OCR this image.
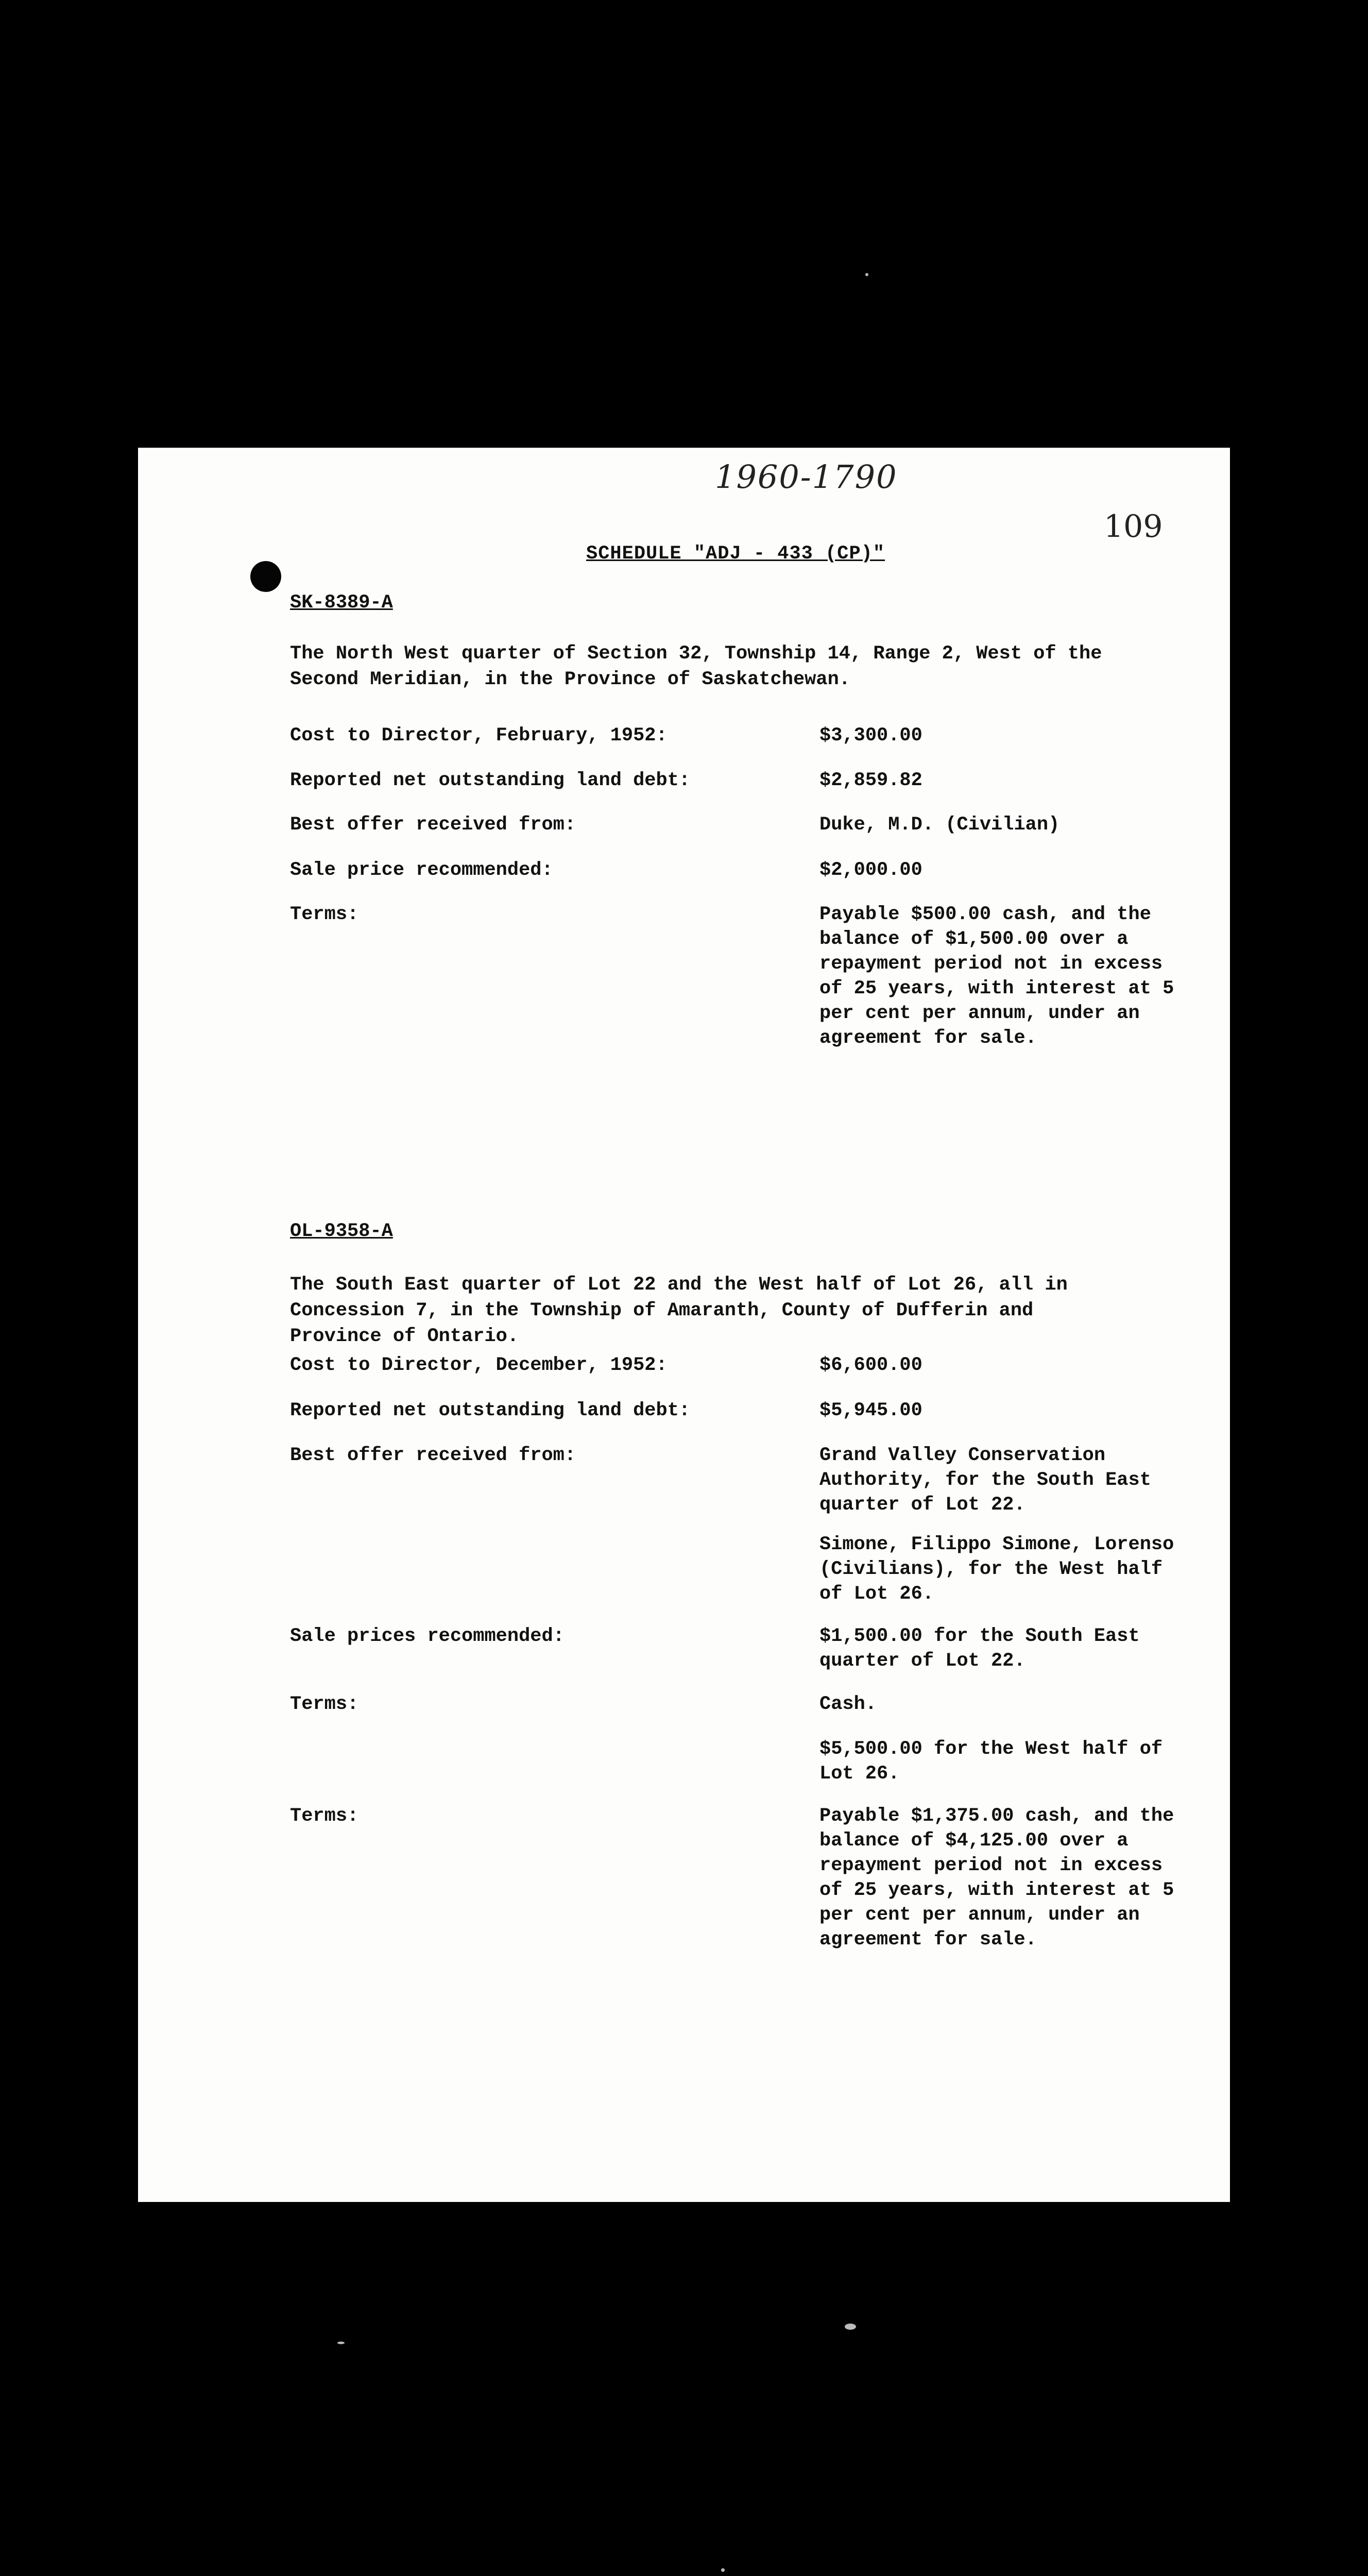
1960-1790
109
SCHEDULE "ADJ - 433 (CP)"
SK-8389-A
The North West quarter of Section 32, Township 14, Range 2, West of the Second Meridian, in the Province of Saskatchewan.
Cost to Director, February, 1952:	$3,300.00
Reported net outstanding land debt:	$2,859.82
Best offer received from:	Duke, M.D. (Civilian)
Sale price recommended:	$2,000.00
Terms:	Payable $500.00 cash, and the balance of $1,500.00 over a repayment period not in excess of 25 years, with interest at 5 per cent per annum, under an agreement for sale.
OL-9358-A
The South East quarter of Lot 22 and the West half of Lot 26, all in Concession 7, in the Township of Amaranth, County of Dufferin and Province of Ontario.
Cost to Director, December, 1952:	$6,600.00
Reported net outstanding land debt:	$5,945.00
Best offer received from:	Grand Valley Conservation Authority, for the South East quarter of Lot 22.
Simone, Filippo Simone, Lorenso (Civilians), for the West half of Lot 26.
Sale prices recommended:	$1,500.00 for the South East quarter of Lot 22.
Terms:	Cash.
$5,500.00 for the West half of Lot 26.
Terms:	Payable $1,375.00 cash, and the balance of $4,125.00 over a repayment period not in excess of 25 years, with interest at 5 per cent per annum, under an agreement for sale.
